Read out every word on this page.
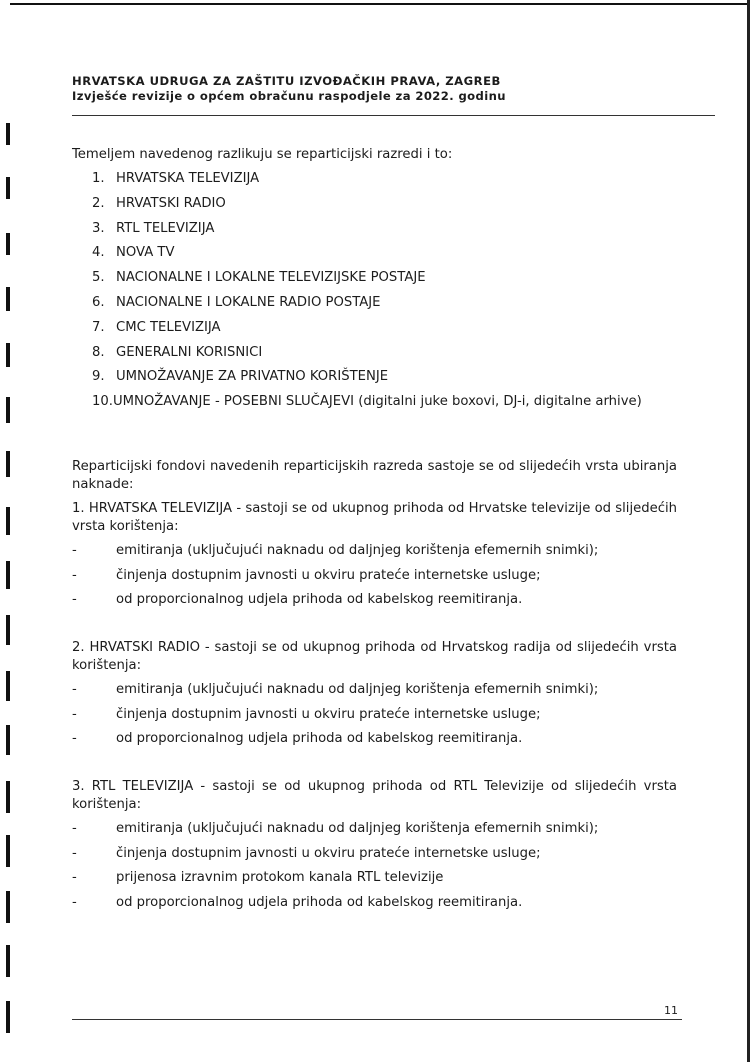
HRVATSKA UDRUGA ZA ZAŠTITU IZVOĐAČKIH PRAVA, ZAGREB
Izvješće revizije o općem obračunu raspodjele za 2022. godinu
Temeljem navedenog razlikuju se reparticijski razredi i to:
1. HRVATSKA TELEVIZIJA
2. HRVATSKI RADIO
3. RTL TELEVIZIJA
4. NOVA TV
5. NACIONALNE I LOKALNE TELEVIZIJSKE POSTAJE
6. NACIONALNE I LOKALNE RADIO POSTAJE
7. CMC TELEVIZIJA
8. GENERALNI KORISNICI
9. UMNOŽAVANJE ZA PRIVATNO KORIŠTENJE
10. UMNOŽAVANJE - POSEBNI SLUČAJEVI (digitalni juke boxovi, DJ-i, digitalne arhive)
Reparticijski fondovi navedenih reparticijskih razreda sastoje se od slijedećih vrsta ubiranja naknade:
1. HRVATSKA TELEVIZIJA - sastoji se od ukupnog prihoda od Hrvatske televizije od slijedećih vrsta korištenja:
-	emitiranja (uključujući naknadu od daljnjeg korištenja efemernih snimki);
-	činjenja dostupnim javnosti u okviru prateće internetske usluge;
-	od proporcionalnog udjela prihoda od kabelskog reemitiranja.
2. HRVATSKI RADIO - sastoji se od ukupnog prihoda od Hrvatskog radija od slijedećih vrsta korištenja:
-	emitiranja (uključujući naknadu od daljnjeg korištenja efemernih snimki);
-	činjenja dostupnim javnosti u okviru prateće internetske usluge;
-	od proporcionalnog udjela prihoda od kabelskog reemitiranja.
3. RTL TELEVIZIJA - sastoji se od ukupnog prihoda od RTL Televizije od slijedećih vrsta korištenja:
-	emitiranja (uključujući naknadu od daljnjeg korištenja efemernih snimki);
-	činjenja dostupnim javnosti u okviru prateće internetske usluge;
-	prijenosa izravnim protokom kanala RTL televizije
-	od proporcionalnog udjela prihoda od kabelskog reemitiranja.
11
